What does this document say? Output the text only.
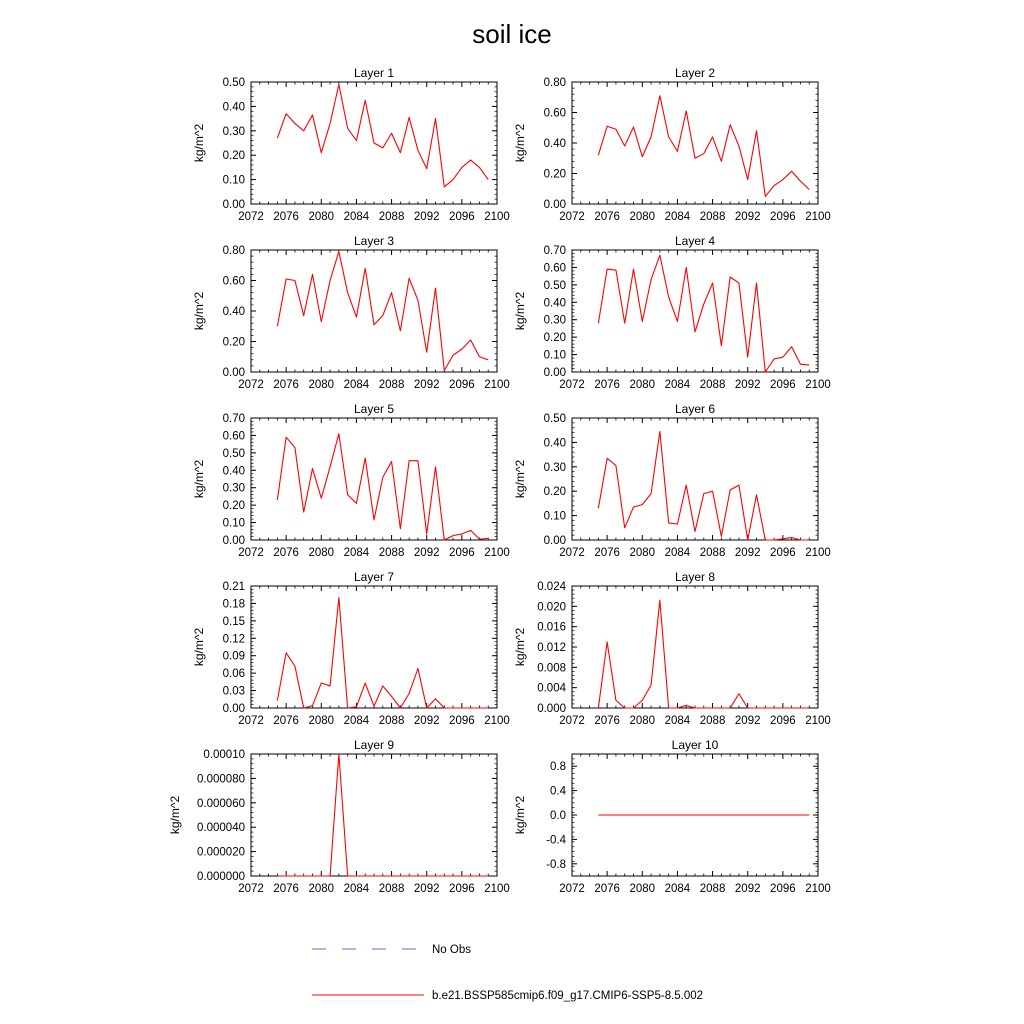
soil ice
Layer 1
2072 2076 2080 2084 2088 2092 2096 2100
0.00
0.10
0.20
0.30
0.40
0.50
kg/m^2
Layer 2
2072 2076 2080 2084 2088 2092 2096 2100
0.00
0.20
0.40
0.60
0.80
kg/m^2
Layer 3
2072 2076 2080 2084 2088 2092 2096 2100
0.00
0.20
0.40
0.60
0.80
kg/m^2
Layer 4
2072 2076 2080 2084 2088 2092 2096 2100
0.00
0.10
0.20
0.30
0.40
0.50
0.60
0.70
kg/m^2
Layer 5
2072 2076 2080 2084 2088 2092 2096 2100
0.00
0.10
0.20
0.30
0.40
0.50
0.60
0.70
kg/m^2
Layer 6
2072 2076 2080 2084 2088 2092 2096 2100
0.00
0.10
0.20
0.30
0.40
0.50
kg/m^2
Layer 7
2072 2076 2080 2084 2088 2092 2096 2100
0.00
0.03
0.06
0.09
0.12
0.15
0.18
0.21
kg/m^2
Layer 8
2072 2076 2080 2084 2088 2092 2096 2100
0.000
0.004
0.008
0.012
0.016
0.020
0.024
kg/m^2
Layer 9
2072 2076 2080 2084 2088 2092 2096 2100
0.000000
0.000020
0.000040
0.000060
0.000080
0.00010
kg/m^2
Layer 10
2072 2076 2080 2084 2088 2092 2096 2100
-0.8
-0.4
0.0
0.4
0.8
kg/m^2
No Obs
b.e21.BSSP585cmip6.f09_g17.CMIP6-SSP5-8.5.002
